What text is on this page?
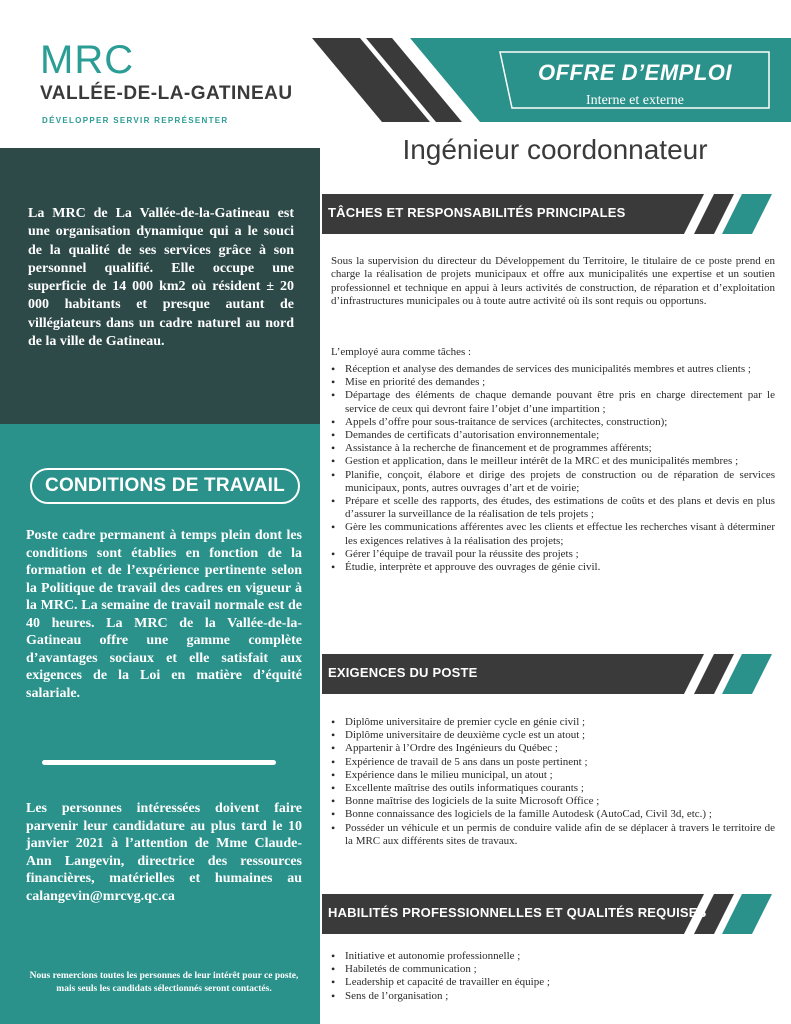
MRC
VALLÉE-DE-LA-GATINEAU
DÉVELOPPER SERVIR REPRÉSENTER
La MRC de La Vallée-de-la-Gatineau est une organisation dynamique qui a le souci de la qualité de ses services grâce à son personnel qualifié. Elle occupe une superficie de 14 000 km2 où résident ± 20 000 habitants et presque autant de villégiateurs dans un cadre naturel au nord de la ville de Gatineau.
CONDITIONS DE TRAVAIL
Poste cadre permanent à temps plein dont les conditions sont établies en fonction de la formation et de l’expérience pertinente selon la Politique de travail des cadres en vigueur à la MRC. La semaine de travail normale est de 40 heures. La MRC de la Vallée-de-la-Gatineau offre une gamme complète d’avantages sociaux et elle satisfait aux exigences de la Loi en matière d’équité salariale.
Les personnes intéressées doivent faire parvenir leur candidature au plus tard le 10 janvier 2021 à l’attention de Mme Claude-Ann Langevin, directrice des ressources financières, matérielles et humaines au calangevin@mrcvg.qc.ca
Nous remercions toutes les personnes de leur intérêt pour ce poste, mais seuls les candidats sélectionnés seront contactés.
OFFRE D’EMPLOI
Interne et externe
Ingénieur coordonnateur
TÂCHES ET RESPONSABILITÉS PRINCIPALES
Sous la supervision du directeur du Développement du Territoire, le titulaire de ce poste prend en charge la réalisation de projets municipaux et offre aux municipalités une expertise et un soutien professionnel et technique en appui à leurs activités de construction, de réparation et d’exploitation d’infrastructures municipales ou à toute autre activité où ils sont requis ou opportuns.
L’employé aura comme tâches :
• Réception et analyse des demandes de services des municipalités membres et autres clients ;
• Mise en priorité des demandes ;
• Départage des éléments de chaque demande pouvant être pris en charge directement par le service de ceux qui devront faire l’objet d’une impartition ;
• Appels d’offre pour sous-traitance de services (architectes, construction);
• Demandes de certificats d’autorisation environnementale;
• Assistance à la recherche de financement et de programmes afférents;
• Gestion et application, dans le meilleur intérêt de la MRC et des municipalités membres ;
• Planifie, conçoit, élabore et dirige des projets de construction ou de réparation de services municipaux, ponts, autres ouvrages d’art et de voirie;
• Prépare et scelle des rapports, des études, des estimations de coûts et des plans et devis en plus d’assurer la surveillance de la réalisation de tels projets ;
• Gère les communications afférentes avec les clients et effectue les recherches visant à déterminer les exigences relatives à la réalisation des projets;
• Gérer l’équipe de travail pour la réussite des projets ;
• Étudie, interprète et approuve des ouvrages de génie civil.
EXIGENCES DU POSTE
• Diplôme universitaire de premier cycle en génie civil ;
• Diplôme universitaire de deuxième cycle est un atout ;
• Appartenir à l’Ordre des Ingénieurs du Québec ;
• Expérience de travail de 5 ans dans un poste pertinent ;
• Expérience dans le milieu municipal, un atout ;
• Excellente maîtrise des outils informatiques courants ;
• Bonne maîtrise des logiciels de la suite Microsoft Office ;
• Bonne connaissance des logiciels de la famille Autodesk (AutoCad, Civil 3d, etc.) ;
• Posséder un véhicule et un permis de conduire valide afin de se déplacer à travers le territoire de la MRC aux différents sites de travaux.
HABILITÉS PROFESSIONNELLES ET QUALITÉS REQUISES
• Initiative et autonomie professionnelle ;
• Habiletés de communication ;
• Leadership et capacité de travailler en équipe ;
• Sens de l’organisation ;
